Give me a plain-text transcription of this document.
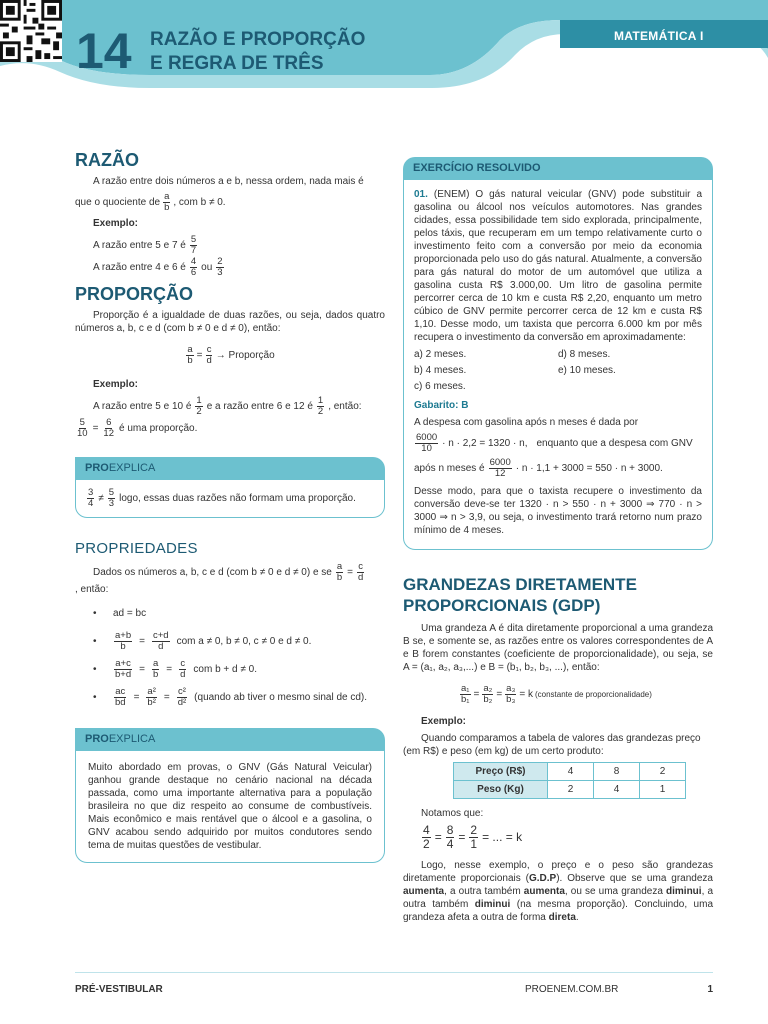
14 RAZÃO E PROPORÇÃO
E REGRA DE TRÊS
MATEMÁTICA I
RAZÃO

A razão entre dois números a e b, nessa ordem, nada mais é

que o quociente de $\frac{a}{b}$ , com b ≠ 0.

Exemplo:

A razão entre 5 e 7 é $\frac{5}{7}$
A razão entre 4 e 6 é $\frac{4}{6}$ ou $\frac{2}{3}$
PROPORÇÃO

Proporção é a igualdade de duas razões, ou seja, dados quatro números a, b, c e d (com b ≠ 0 e d ≠ 0), então:

$\frac{a}{b} = \frac{c}{d}$ → Proporção

Exemplo:

A razão entre 5 e 10 é $\frac{1}{2}$ e a razão entre 6 e 12 é $\frac{1}{2}$ , então:
$\frac{5}{10} = \frac{6}{12}$ é uma proporção.
PROEXPLICA
$\frac{3}{4} \ne \frac{5}{3} \log o$, essas duas razões não formam uma proporção.
PROPRIEDADES
Dados os números a, b, c e d (com b ≠ 0 e d ≠ 0) e se $\frac{a}{b} = \frac{c}{d}$

, então:

•	ad = bc
•	$\frac{a+b}{b} = \frac{c+d}{d}$ com a ≠ 0, b ≠ 0, c ≠ 0 e d ≠ 0.
•	$\frac{a+c}{b+d} = \frac{a}{b} = \frac{c}{d}$ com b + d ≠ 0.
•	$\frac{ac}{bd} = \frac{\text{a²}}{\text{b²}} = \frac{\text{c²}}{\text{d²}}$ (quando ab tiver o mesmo sinal de cd).
PROEXPLICA
Muito abordado em provas, o GNV (Gás Natural Veicular) ganhou grande destaque no cenário nacional na década passada, como uma importante alternativa para a população brasileira no que diz respeito ao consume de combustíveis. Mais econômico e mais rentável que o álcool e a gasolina, o GNV acabou sendo adquirido por muitos condutores sendo tema de muitas questões de vestibular.
EXERCÍCIO RESOLVIDO

01. (ENEM) O gás natural veicular (GNV) pode substituir a gasolina ou álcool nos veículos automotores. Nas grandes cidades, essa possibilidade tem sido explorada, principalmente, pelos táxis, que recuperam em um tempo relativamente curto o investimento feito com a conversão por meio da economia proporcionada pelo uso do gás natural. Atualmente, a conversão para gás natural do motor de um automóvel que utiliza a gasolina custa R$ 3.000,00. Um litro de gasolina permite percorrer cerca de 10 km e custa R$ 2,20, enquanto um metro cúbico de GNV permite percorrer cerca de 12 km e custa R$ 1,10. Desse modo, um taxista que percorra 6.000 km por mês recupera o investimento da conversão em aproximadamente:

a) 2 meses.	d) 8 meses.
b) 4 meses.	e) 10 meses.
c) 6 meses.

Gabarito: B

A despesa com gasolina após n meses é dada por

$\frac{6000}{10} \cdot n \cdot 2,2 = 1320 \cdot n$, enquanto que a despesa com GNV
após n meses é $\frac{6000}{12} \cdot n \cdot 1,1 + 3000 = 550 \cdot n + 3000$.

Desse modo, para que o taxista recupere o investimento da conversão deve-se ter 1320 · n > 550 · n + 3000 ⇒ 770 · n > 3000 ⇒ n > 3,9, ou seja, o investimento trará retorno num prazo mínimo de 4 meses.

GRANDEZAS DIRETAMENTE
PROPORCIONAIS (GDP)

Uma grandeza A é dita diretamente proporcional a uma grandeza B se, e somente se, as razões entre os valores correspondentes de A e B forem constantes (coeficiente de proporcionalidade), ou seja, se A = (a₁, a₂, a₃,...) e B = (b₁, b₂, b₃, ...), então:

$\frac{\text{a₁}}{\text{b₁}} = \frac{\text{a₂}}{\text{b₂}} = \frac{\text{a₃}}{\text{b₃}} = k$ (constante de proporcionalidade)

Exemplo:

Quando comparamos a tabela de valores das grandezas preço (em R$) e peso (em kg) de um certo produto:

Preço (R$)	4	8	2
Peso (Kg)	2	4	1

Notamos que:

$\frac{4}{2} = \frac{8}{4} = \frac{2}{1}$ = ... = k

Logo, nesse exemplo, o preço e o peso são grandezas diretamente proporcionais (G.D.P). Observe que se uma grandeza aumenta, a outra também aumenta, ou se uma grandeza diminui, a outra também diminui (na mesma proporção). Concluindo, uma grandeza afeta a outra de forma direta.

PRÉ-VESTIBULAR	PROENEM.COM.BR	1
